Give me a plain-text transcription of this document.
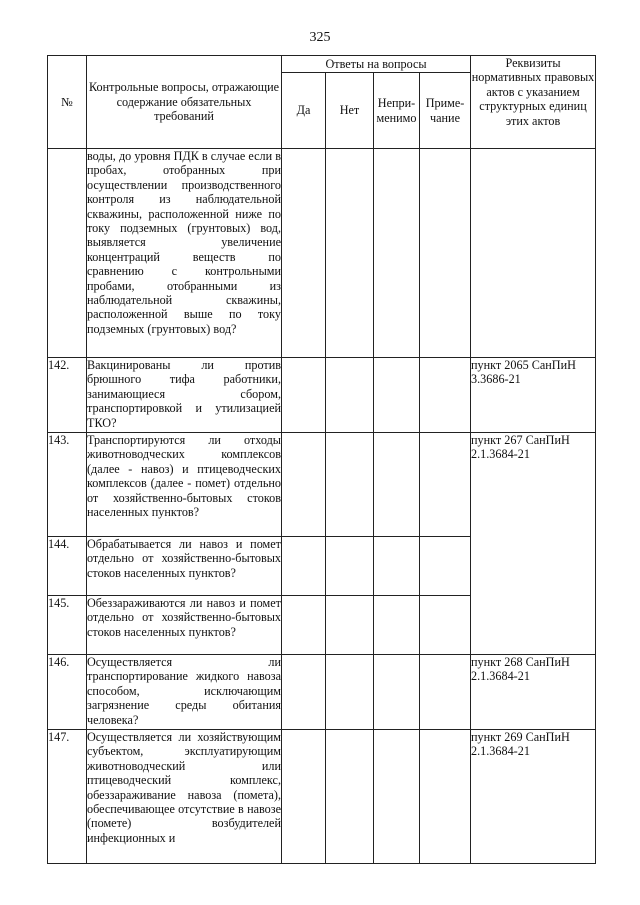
325
№	Контрольные вопросы, отражающие содержание обязательных требований	Ответы на вопросы				Реквизиты нормативных правовых актов с указанием структурных единиц этих актов
		Да	Нет	Непри-менимо	Приме-чание	
	воды, до уровня ПДК в случае если в пробах, отобранных при осуществлении производственного контроля из наблюдательной скважины, расположенной ниже по току подземных (грунтовых) вод, выявляется увеличение концентраций веществ по сравнению с контрольными пробами, отобранными из наблюдательной скважины, расположенной выше по току подземных (грунтовых) вод?					
142.	Вакцинированы ли против брюшного тифа работники, занимающиеся сбором, транспортировкой и утилизацией ТКО?					пункт 2065 СанПиН 3.3686-21
143.	Транспортируются ли отходы животноводческих комплексов (далее - навоз) и птицеводческих комплексов (далее - помет) отдельно от хозяйственно-бытовых стоков населенных пунктов?					пункт 267 СанПиН 2.1.3684-21
144.	Обрабатывается ли навоз и помет отдельно от хозяйственно-бытовых стоков населенных пунктов?					
145.	Обеззараживаются ли навоз и помет отдельно от хозяйственно-бытовых стоков населенных пунктов?					
146.	Осуществляется ли транспортирование жидкого навоза способом, исключающим загрязнение среды обитания человека?					пункт 268 СанПиН 2.1.3684-21
147.	Осуществляется ли хозяйствующим субъектом, эксплуатирующим животноводческий или птицеводческий комплекс, обеззараживание навоза (помета), обеспечивающее отсутствие в навозе (помете) возбудителей инфекционных и					пункт 269 СанПиН 2.1.3684-21
